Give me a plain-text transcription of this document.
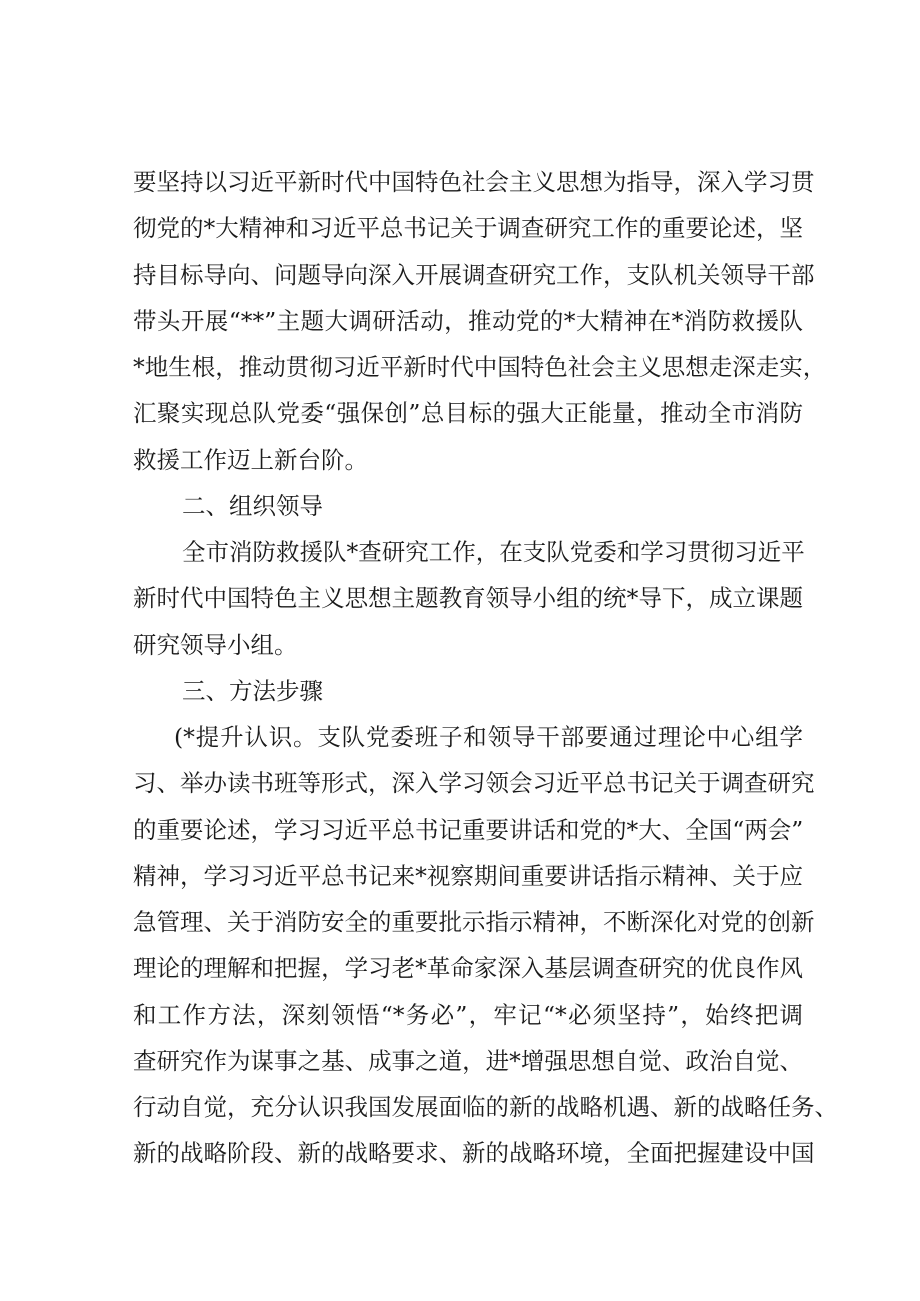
要坚持以习近平新时代中国特色社会主义思想为指导，深入学习贯
彻党的*大精神和习近平总书记关于调查研究工作的重要论述，坚
持目标导向、问题导向深入开展调查研究工作，支队机关领导干部
带头开展“**”主题大调研活动，推动党的*大精神在*消防救援队
*地生根，推动贯彻习近平新时代中国特色社会主义思想走深走实，
汇聚实现总队党委“强保创”总目标的强大正能量，推动全市消防
救援工作迈上新台阶。
二、组织领导
全市消防救援队*查研究工作，在支队党委和学习贯彻习近平
新时代中国特色主义思想主题教育领导小组的统*导下，成立课题
研究领导小组。
三、方法步骤
(*提升认识。支队党委班子和领导干部要通过理论中心组学
习、举办读书班等形式，深入学习领会习近平总书记关于调查研究
的重要论述，学习习近平总书记重要讲话和党的*大、全国“两会”
精神，学习习近平总书记来*视察期间重要讲话指示精神、关于应
急管理、关于消防安全的重要批示指示精神，不断深化对党的创新
理论的理解和把握，学习老*革命家深入基层调查研究的优良作风
和工作方法，深刻领悟“*务必”，牢记“*必须坚持”，始终把调
查研究作为谋事之基、成事之道，进*增强思想自觉、政治自觉、
行动自觉，充分认识我国发展面临的新的战略机遇、新的战略任务、
新的战略阶段、新的战略要求、新的战略环境，全面把握建设中国
